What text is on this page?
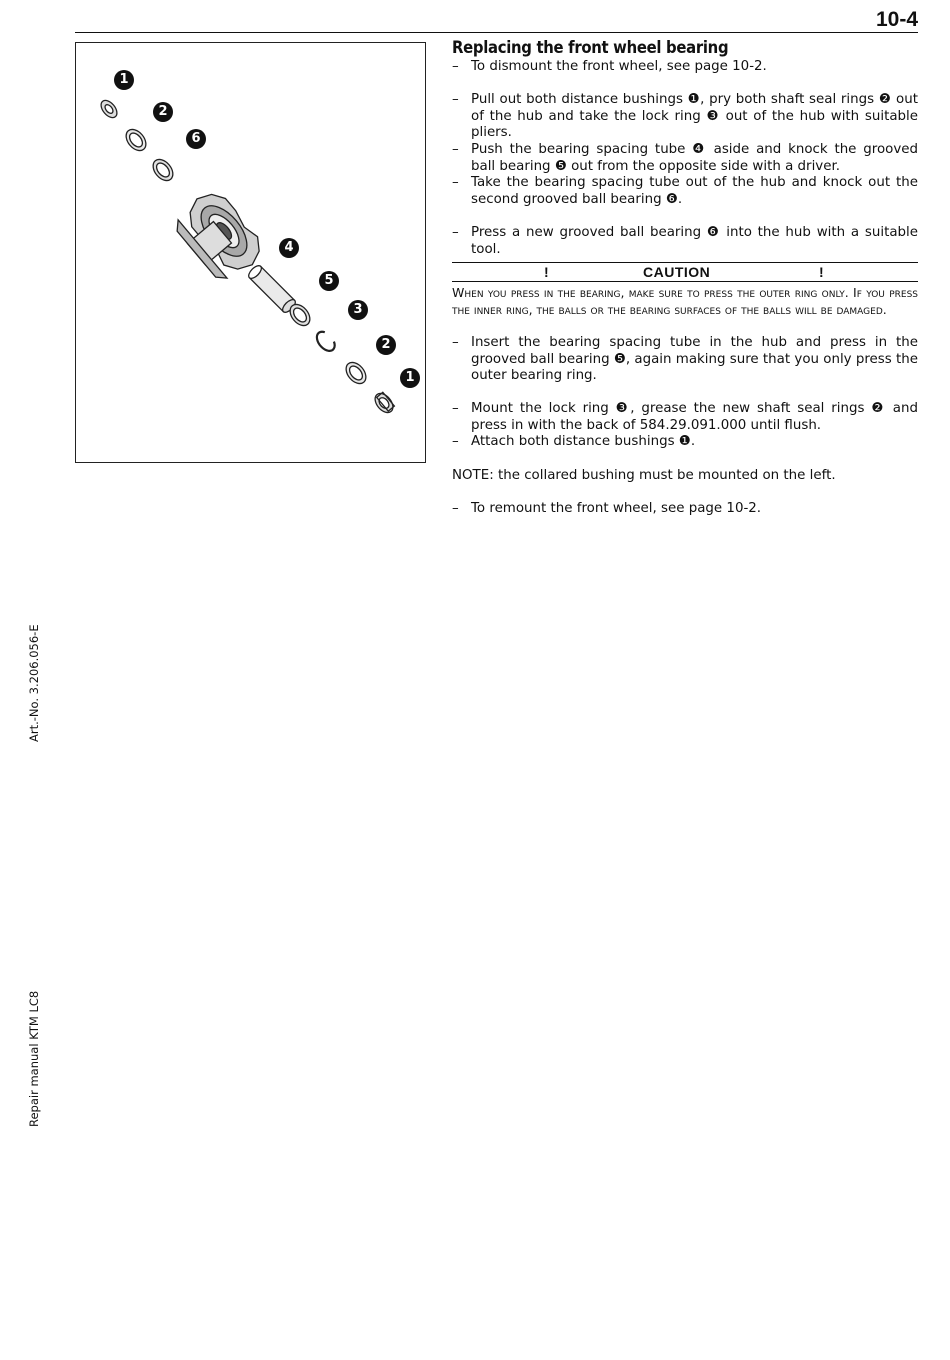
10-4
1
2
6
4
5
3
2
1
Replacing the front wheel bearing
– To dismount the front wheel, see page 10-2.
– Pull out both distance bushings ❶, pry both shaft seal rings ❷ out of the hub and take the lock ring ❸ out of the hub with suitable pliers.
– Push the bearing spacing tube ❹ aside and knock the grooved ball bearing ❺ out from the opposite side with a driver.
– Take the bearing spacing tube out of the hub and knock out the second grooved ball bearing ❻.
– Press a new grooved ball bearing ❻ into the hub with a suitable tool.
!	CAUTION	!
When you press in the bearing, make sure to press the outer ring only. If you press the inner ring, the balls or the bearing surfaces of the balls will be damaged.
– Insert the bearing spacing tube in the hub and press in the grooved ball bearing ❺, again making sure that you only press the outer bearing ring.
– Mount the lock ring ❸, grease the new shaft seal rings ❷ and press in with the back of 584.29.091.000 until flush.
– Attach both distance bushings ❶.
NOTE: the collared bushing must be mounted on the left.
– To remount the front wheel, see page 10-2.
Art.-No. 3.206.056-E
Repair manual KTM LC8
